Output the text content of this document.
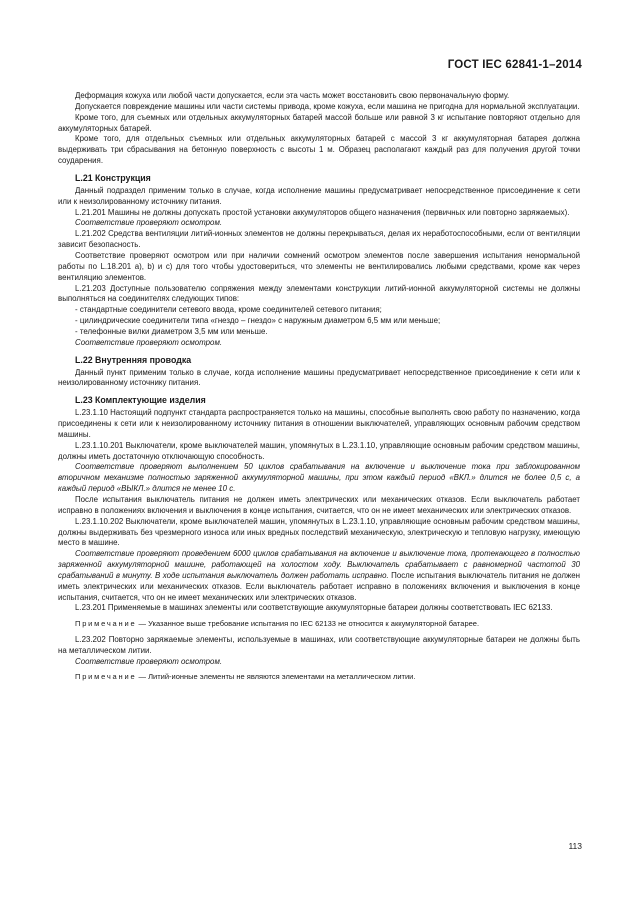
ГОСТ IEC 62841-1–2014

Деформация кожуха или любой части допускается, если эта часть может восстановить свою первоначальную форму.

Допускается повреждение машины или части системы привода, кроме кожуха, если машина не пригодна для нормальной эксплуатации.

Кроме того, для съемных или отдельных аккумуляторных батарей массой больше или равной 3 кг испытание повторяют отдельно для аккумуляторных батарей.

Кроме того, для отдельных съемных или отдельных аккумуляторных батарей с массой 3 кг аккумуляторная батарея должна выдерживать три сбрасывания на бетонную поверхность с высоты 1 м. Образец располагают каждый раз для получения другой точки соударения.

L.21 Конструкция

Данный подраздел применим только в случае, когда исполнение машины предусматривает непосредственное присоединение к сети или к неизолированному источнику питания.

L.21.201 Машины не должны допускать простой установки аккумуляторов общего назначения (первичных или повторно заряжаемых).

Соответствие проверяют осмотром.

L.21.202 Средства вентиляции литий-ионных элементов не должны перекрываться, делая их неработоспособными, если от вентиляции зависит безопасность.

Соответствие проверяют осмотром или при наличии сомнений осмотром элементов после завершения испытания ненормальной работы по L.18.201 a), b) и c) для того чтобы удостовериться, что элементы не вентилировались любыми средствами, кроме как через вентиляцию элементов.

L.21.203 Доступные пользователю сопряжения между элементами конструкции литий-ионной аккумуляторной системы не должны выполняться на соединителях следующих типов:

- стандартные соединители сетевого ввода, кроме соединителей сетевого питания;

- цилиндрические соединители типа «гнездо – гнездо» с наружным диаметром 6,5 мм или меньше;

- телефонные вилки диаметром 3,5 мм или меньше.

Соответствие проверяют осмотром.

L.22 Внутренняя проводка

Данный пункт применим только в случае, когда исполнение машины предусматривает непосредственное присоединение к сети или к неизолированному источнику питания.

L.23 Комплектующие изделия

L.23.1.10 Настоящий подпункт стандарта распространяется только на машины, способные выполнять свою работу по назначению, когда присоединены к сети или к неизолированному источнику питания в отношении выключателей, управляющих основным рабочим средством машины.

L.23.1.10.201 Выключатели, кроме выключателей машин, упомянутых в L.23.1.10, управляющие основным рабочим средством машины, должны иметь достаточную отключающую способность.

Соответствие проверяют выполнением 50 циклов срабатывания на включение и выключение тока при заблокированном вторичном механизме полностью заряженной аккумуляторной машины, при этом каждый период «ВКЛ.» длится не более 0,5 с, а каждый период «ВЫКЛ.» длится не менее 10 с.

После испытания выключатель питания не должен иметь электрических или механических отказов. Если выключатель работает исправно в положениях включения и выключения в конце испытания, считается, что он не имеет механических или электрических отказов.

L.23.1.10.202 Выключатели, кроме выключателей машин, упомянутых в L.23.1.10, управляющие основным рабочим средством машины, должны выдерживать без чрезмерного износа или иных вредных последствий механическую, электрическую и тепловую нагрузку, имеющую место в машине.

Соответствие проверяют проведением 6000 циклов срабатывания на включение и выключение тока, протекающего в полностью заряженной аккумуляторной машине, работающей на холостом ходу. Выключатель срабатывает с равномерной частотой 30 срабатываний в минуту. В ходе испытания выключатель должен работать исправно. После испытания выключатель питания не должен иметь электрических или механических отказов. Если выключатель работает исправно в положениях включения и выключения в конце испытания, считается, что он не имеет механических или электрических отказов.

L.23.201 Применяемые в машинах элементы или соответствующие аккумуляторные батареи должны соответствовать IEC 62133.

Примечание — Указанное выше требование испытания по IEC 62133 не относится к аккумуляторной батарее.

L.23.202 Повторно заряжаемые элементы, используемые в машинах, или соответствующие аккумуляторные батареи не должны быть на металлическом литии.

Соответствие проверяют осмотром.

Примечание — Литий-ионные элементы не являются элементами на металлическом литии.

113
